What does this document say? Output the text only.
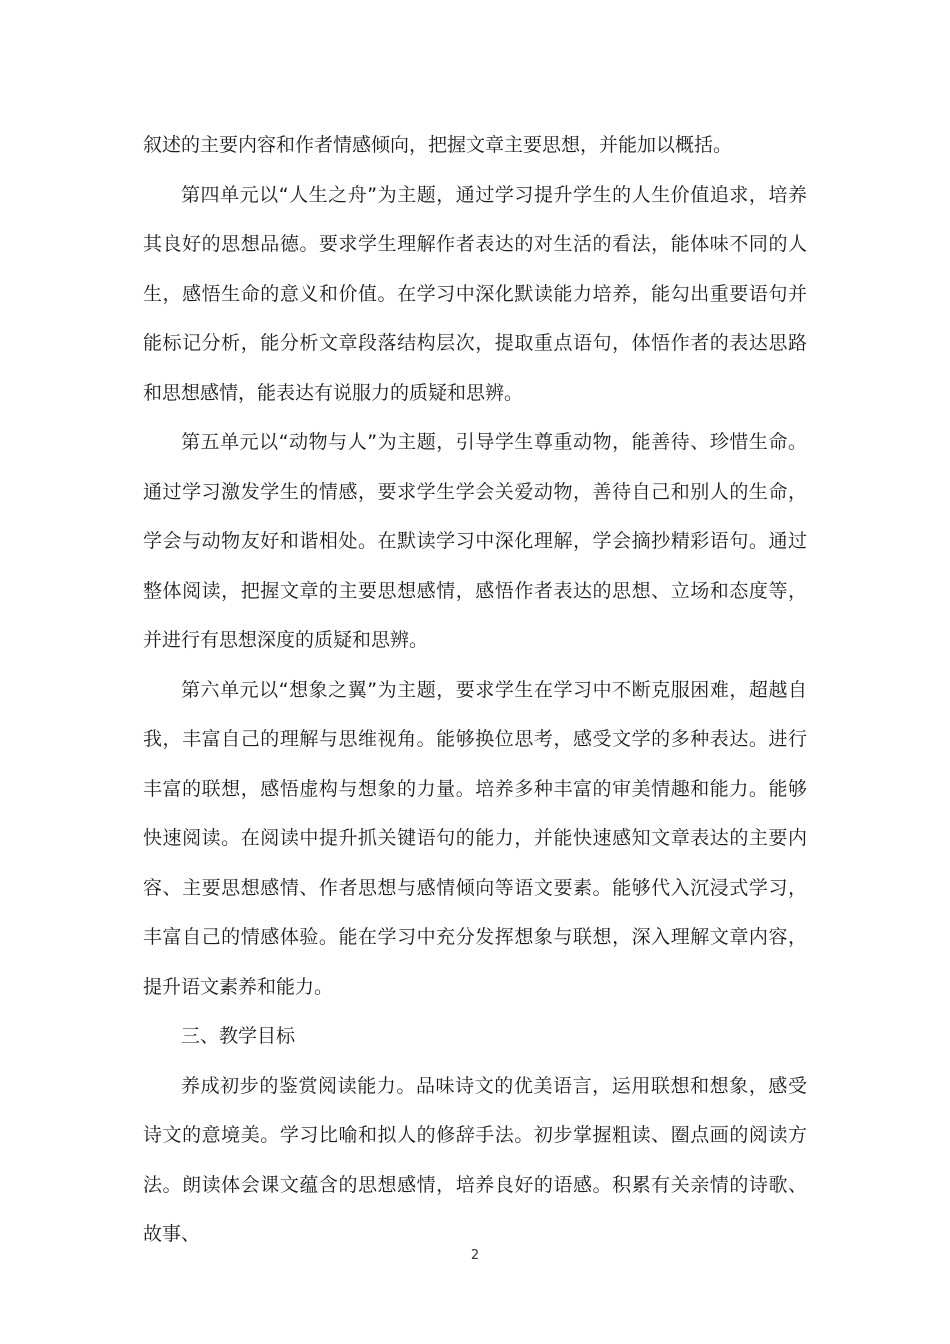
叙述的主要内容和作者情感倾向，把握文章主要思想，并能加以概括。

第四单元以“人生之舟”为主题，通过学习提升学生的人生价值追求，培养其良好的思想品德。要求学生理解作者表达的对生活的看法，能体味不同的人生，感悟生命的意义和价值。在学习中深化默读能力培养，能勾出重要语句并能标记分析，能分析文章段落结构层次，提取重点语句，体悟作者的表达思路和思想感情，能表达有说服力的质疑和思辨。

第五单元以“动物与人”为主题，引导学生尊重动物，能善待、珍惜生命。通过学习激发学生的情感，要求学生学会关爱动物，善待自己和别人的生命，学会与动物友好和谐相处。在默读学习中深化理解，学会摘抄精彩语句。通过整体阅读，把握文章的主要思想感情，感悟作者表达的思想、立场和态度等，并进行有思想深度的质疑和思辨。

第六单元以“想象之翼”为主题，要求学生在学习中不断克服困难，超越自我，丰富自己的理解与思维视角。能够换位思考，感受文学的多种表达。进行丰富的联想，感悟虚构与想象的力量。培养多种丰富的审美情趣和能力。能够快速阅读。在阅读中提升抓关键语句的能力，并能快速感知文章表达的主要内容、主要思想感情、作者思想与感情倾向等语文要素。能够代入沉浸式学习，丰富自己的情感体验。能在学习中充分发挥想象与联想，深入理解文章内容，提升语文素养和能力。

三、教学目标

养成初步的鉴赏阅读能力。品味诗文的优美语言，运用联想和想象，感受诗文的意境美。学习比喻和拟人的修辞手法。初步掌握粗读、圈点画的阅读方法。朗读体会课文蕴含的思想感情，培养良好的语感。积累有关亲情的诗歌、故事、

2
